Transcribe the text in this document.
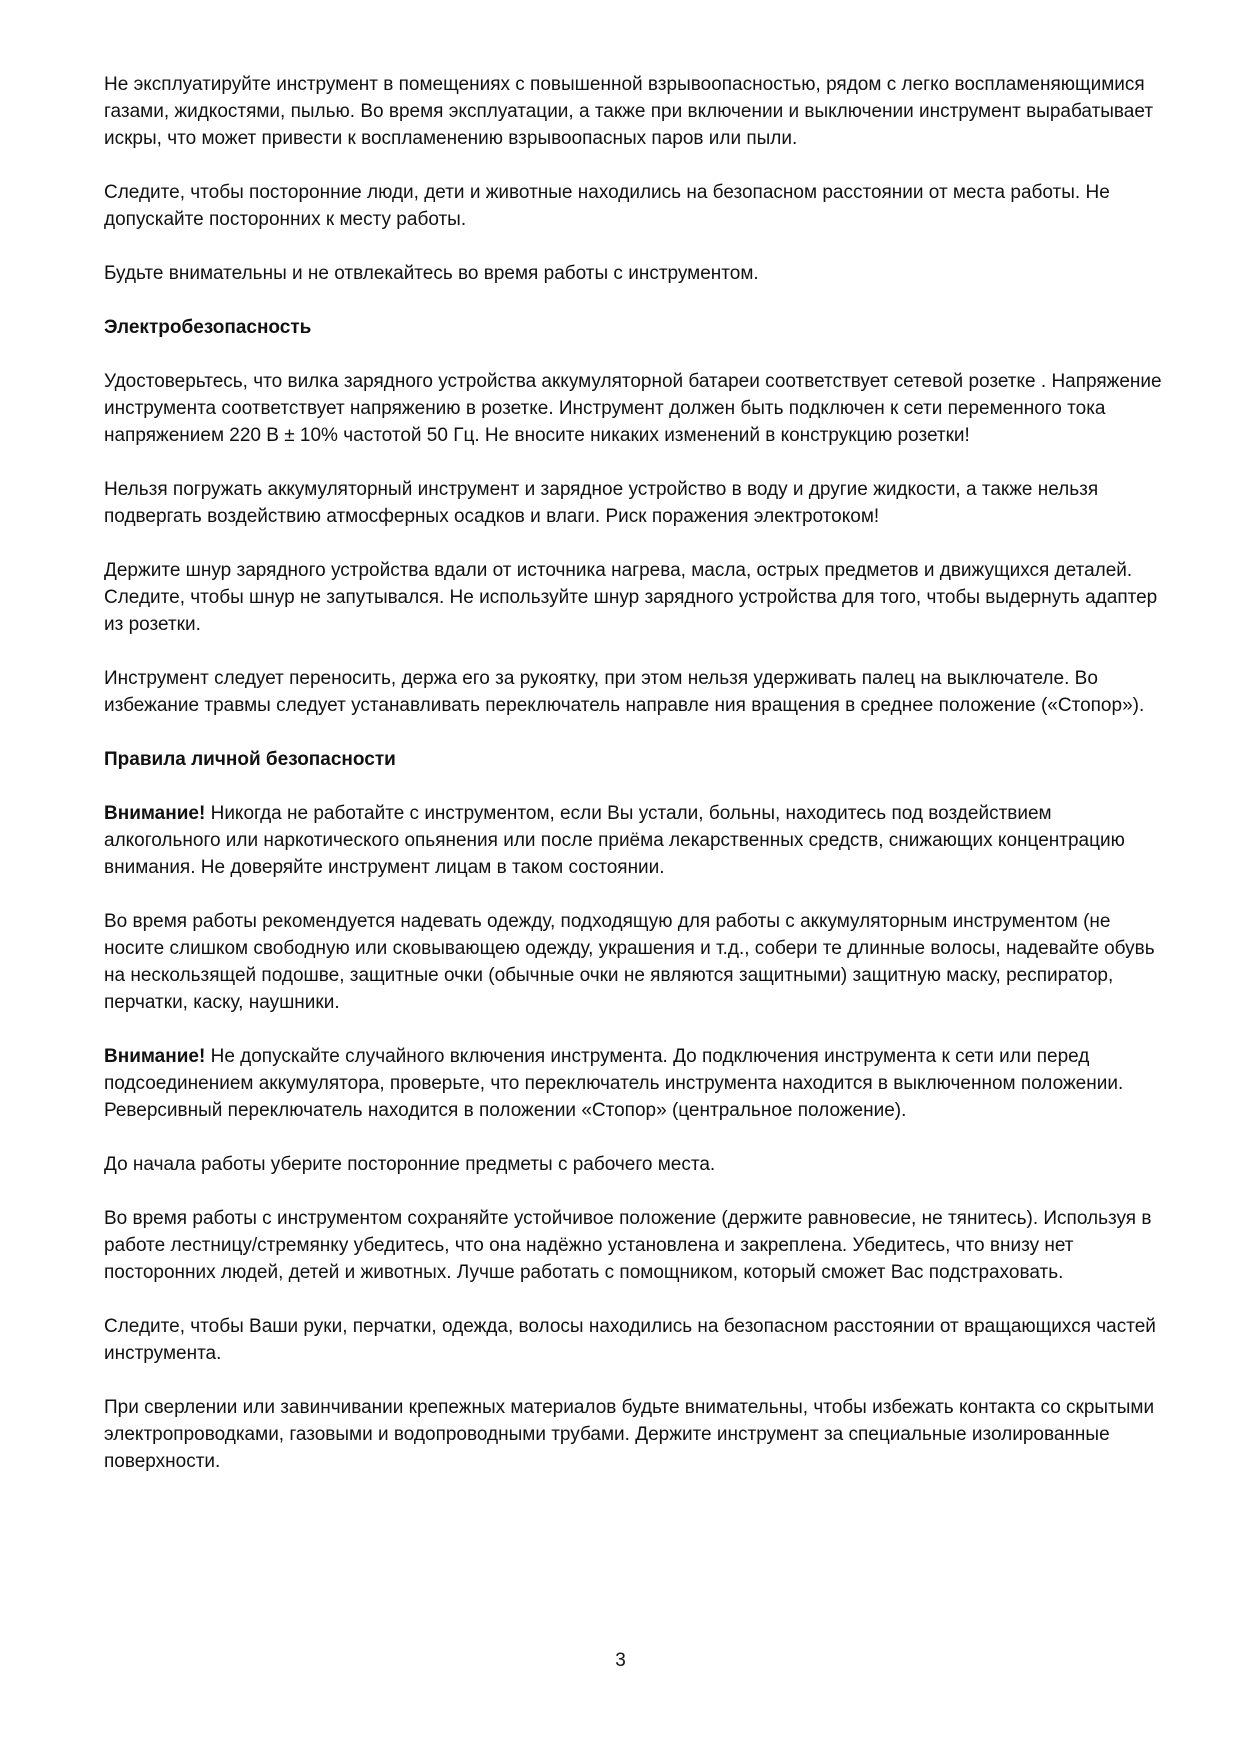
Не эксплуатируйте инструмент в помещениях с повышенной взрывоопасностью, рядом с легко воспламеняющимися газами, жидкостями, пылью. Во время эксплуатации, а также при включении и выключении инструмент вырабатывает искры, что может привести к воспламенению взрывоопасных паров или пыли.

Следите, чтобы посторонние люди, дети и животные находились на безопасном расстоянии от места работы. Не допускайте посторонних к месту работы.

Будьте внимательны и не отвлекайтесь во время работы с инструментом.

Электробезопасность

Удостоверьтесь, что вилка зарядного устройства аккумуляторной батареи соответствует сетевой розетке . Напряжение инструмента соответствует напряжению в розетке. Инструмент должен быть подключен к сети переменного тока напряжением 220 В ± 10% частотой 50 Гц. Не вносите никаких изменений в конструкцию розетки!

Нельзя погружать аккумуляторный инструмент и зарядное устройство в воду и другие жидкости, а также нельзя подвергать воздействию атмосферных осадков и влаги. Риск поражения электротоком!

Держите шнур зарядного устройства вдали от источника нагрева, масла, острых предметов и движущихся деталей. Следите, чтобы шнур не запутывался. Не используйте шнур зарядного устройства для того, чтобы выдернуть адаптер из розетки.

Инструмент следует переносить, держа его за рукоятку, при этом нельзя удерживать палец на выключателе. Во избежание травмы следует устанавливать переключатель направле ния вращения в среднее положение («Стопор»).

Правила личной безопасности

Внимание! Никогда не работайте с инструментом, если Вы устали, больны, находитесь под воздействием алкогольного или наркотического опьянения или после приёма лекарственных средств, снижающих концентрацию внимания. Не доверяйте инструмент лицам в таком состоянии.

Во время работы рекомендуется надевать одежду, подходящую для работы с аккумуляторным инструментом (не носите слишком свободную или сковывающею одежду, украшения и т.д., собери те длинные волосы, надевайте обувь на нескользящей подошве, защитные очки (обычные очки не являются защитными) защитную маску, респиратор, перчатки, каску, наушники.

Внимание! Не допускайте случайного включения инструмента. До подключения инструмента к сети или перед подсоединением аккумулятора, проверьте, что переключатель инструмента находится в выключенном положении. Реверсивный переключатель находится в положении «Стопор» (центральное положение).

До начала работы уберите посторонние предметы с рабочего места.

Во время работы с инструментом сохраняйте устойчивое положение (держите равновесие, не тянитесь). Используя в работе лестницу/стремянку убедитесь, что она надёжно установлена и закреплена. Убедитесь, что внизу нет посторонних людей, детей и животных. Лучше работать с помощником, который сможет Вас подстраховать.

Следите, чтобы Ваши руки, перчатки, одежда, волосы находились на безопасном расстоянии от вращающихся частей инструмента.

При сверлении или завинчивании крепежных материалов будьте внимательны, чтобы избежать контакта со скрытыми электропроводками, газовыми и водопроводными трубами. Держите инструмент за специальные изолированные поверхности.

3
